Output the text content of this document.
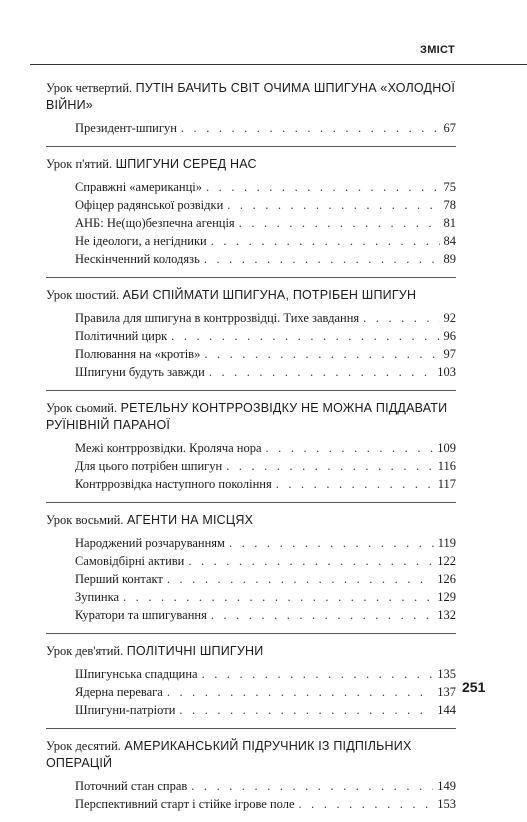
ЗМІСТ
Урок четвертий. ПУТІН БАЧИТЬ СВІТ ОЧИМА ШПИГУНА «ХОЛОДНОЇ ВІЙНИ»
Президент-шпигун . . .	67
Урок п'ятий. ШПИГУНИ СЕРЕД НАС
Справжні «американці» . . .	75
Офіцер радянської розвідки . . .	78
АНБ: Не(що)безпечна агенція . . .	81
Не ідеологи, а негідники . . .	84
Нескінченний колодязь . . .	89
Урок шостий. АБИ СПІЙМАТИ ШПИГУНА, ПОТРІБЕН ШПИГУН
Правила для шпигуна в контррозвідці. Тихе завдання . . .	92
Політичний цирк . . .	96
Полювання на «кротів» . . .	97
Шпигуни будуть завжди . . .	103
Урок сьомий. РЕТЕЛЬНУ КОНТРРОЗВІДКУ НЕ МОЖНА ПІДДАВАТИ РУЇНІВНІЙ ПАРАНОЇ
Межі контррозвідки. Кроляча нора . . .	109
Для цього потрібен шпигун . . .	116
Контррозвідка наступного покоління . . .	117
Урок восьмий. АГЕНТИ НА МІСЦЯХ
Народжений розчаруванням . . .	119
Самовідбірні активи . . .	122
Перший контакт . . .	126
Зупинка . . .	129
Куратори та шпигування . . .	132
Урок дев'ятий. ПОЛІТИЧНІ ШПИГУНИ
Шпигунська спадщина . . .	135
Ядерна перевага . . .	137
Шпигуни-патріоти . . .	144
Урок десятий. АМЕРИКАНСЬКИЙ ПІДРУЧНИК ІЗ ПІДПІЛЬНИХ ОПЕРАЦІЙ
Поточний стан справ . . .	149
Перспективний старт і стійке ігрове поле . . .	153
251
